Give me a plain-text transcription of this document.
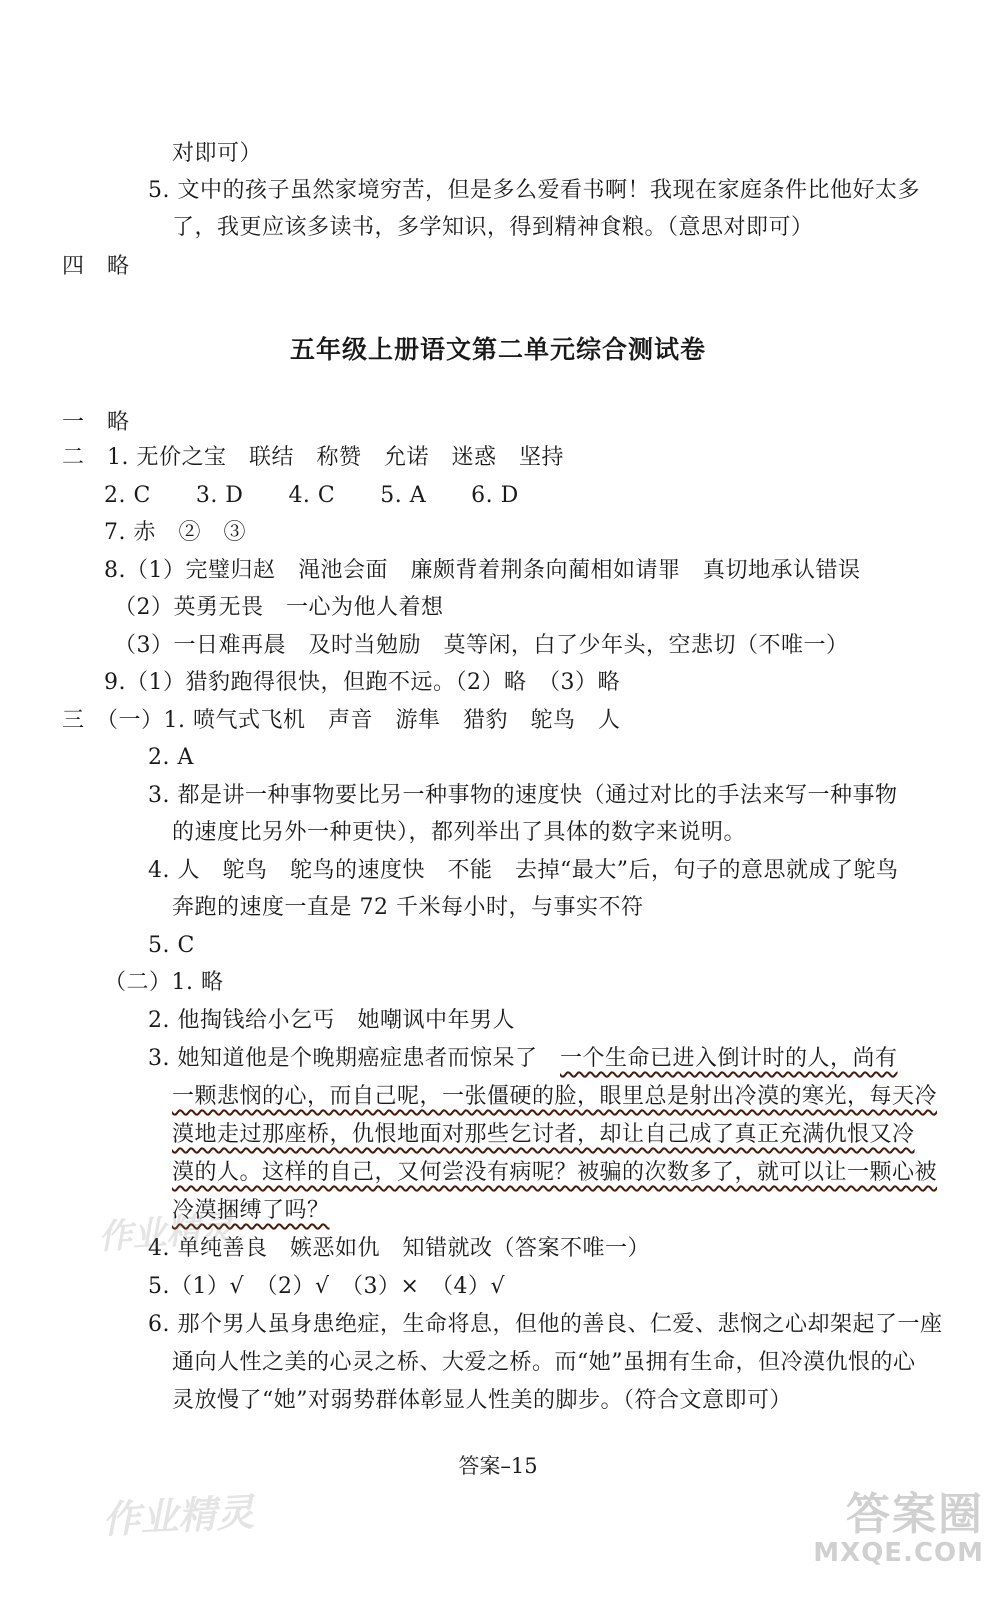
对即可）
5. 文中的孩子虽然家境穷苦，但是多么爱看书啊！我现在家庭条件比他好太多
了，我更应该多读书，多学知识，得到精神食粮。（意思对即可）
四　略
五年级上册语文第二单元综合测试卷
一　略
二　1. 无价之宝　联结　称赞　允诺　迷惑　坚持
2. C　　3. D　　4. C　　5. A　　6. D
7. 赤　②　③
8.（1）完璧归赵　渑池会面　廉颇背着荆条向蔺相如请罪　真切地承认错误
（2）英勇无畏　一心为他人着想
（3）一日难再晨　及时当勉励　莫等闲，白了少年头，空悲切（不唯一）
9.（1）猎豹跑得很快，但跑不远。（2）略　（3）略
三　（一）1. 喷气式飞机　声音　游隼　猎豹　鸵鸟　人
2. A
3. 都是讲一种事物要比另一种事物的速度快（通过对比的手法来写一种事物
的速度比另外一种更快），都列举出了具体的数字来说明。
4. 人　鸵鸟　鸵鸟的速度快　不能　去掉“最大”后，句子的意思就成了鸵鸟
奔跑的速度一直是 72 千米每小时，与事实不符
5. C
（二）1. 略
2. 他掏钱给小乞丐　她嘲讽中年男人
3. 她知道他是个晚期癌症患者而惊呆了　一个生命已进入倒计时的人，尚有
一颗悲悯的心，而自己呢，一张僵硬的脸，眼里总是射出冷漠的寒光，每天冷
漠地走过那座桥，仇恨地面对那些乞讨者，却让自己成了真正充满仇恨又冷
漠的人。这样的自己，又何尝没有病呢？被骗的次数多了，就可以让一颗心被
冷漠捆缚了吗？
4. 单纯善良　嫉恶如仇　知错就改（答案不唯一）
5.（1）√　（2）√　（3）×　（4）√
6. 那个男人虽身患绝症，生命将息，但他的善良、仁爱、悲悯之心却架起了一座
通向人性之美的心灵之桥、大爱之桥。而“她”虽拥有生命，但冷漠仇恨的心
灵放慢了“她”对弱势群体彰显人性美的脚步。（符合文意即可）
答案–15
作业精灵
作业精灵	答案圈
MXQE.COM
